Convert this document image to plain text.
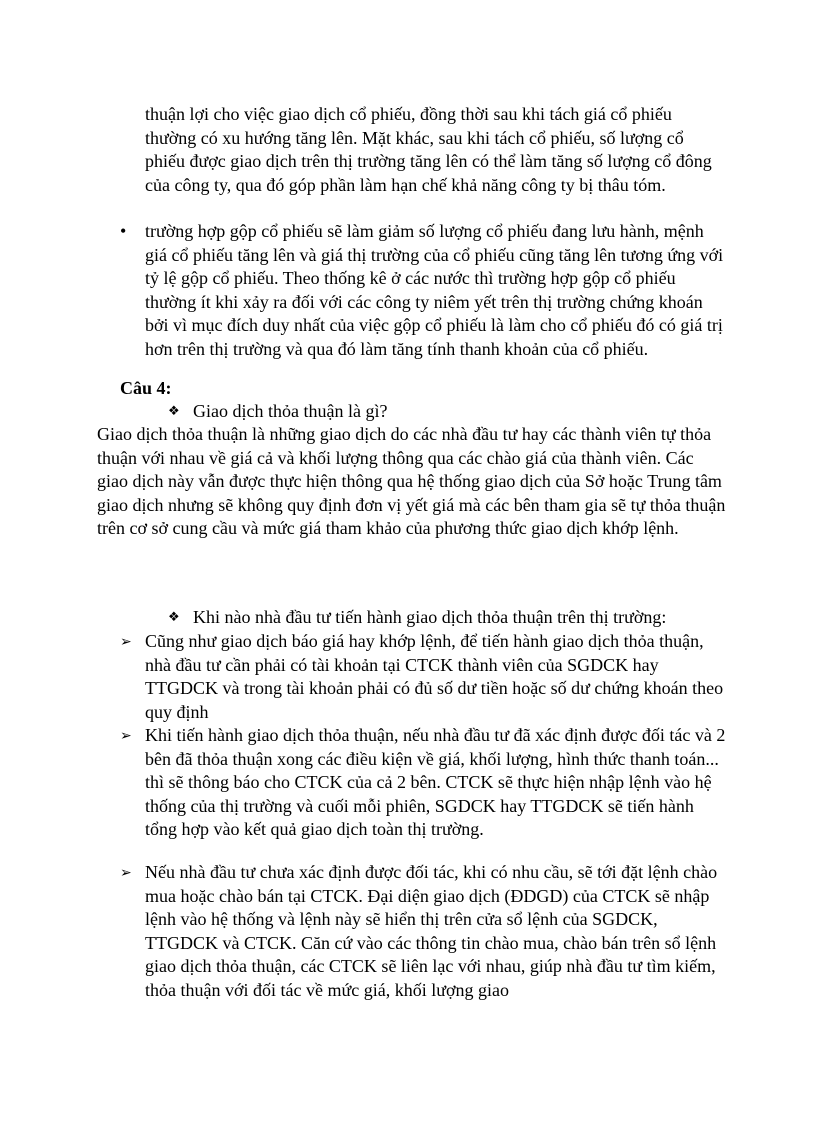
thuận lợi cho việc giao dịch cổ phiếu, đồng thời sau khi tách giá cổ phiếu thường có xu hướng tăng lên. Mặt khác, sau khi tách cổ phiếu, số lượng cổ phiếu được giao dịch trên thị trường tăng lên có thể làm tăng số lượng cổ đông của công ty, qua đó góp phần làm hạn chế khả năng công ty bị thâu tóm.

•	trường hợp gộp cổ phiếu sẽ làm giảm số lượng cổ phiếu đang lưu hành, mệnh giá cổ phiếu tăng lên và giá thị trường của cổ phiếu cũng tăng lên tương ứng với tỷ lệ gộp cổ phiếu. Theo thống kê ở các nước thì trường hợp gộp cổ phiếu thường ít khi xảy ra đối với các công ty niêm yết trên thị trường chứng khoán bởi vì mục đích duy nhất của việc gộp cổ phiếu là làm cho cổ phiếu đó có giá trị hơn trên thị trường và qua đó làm tăng tính thanh khoản của cổ phiếu.

Câu 4:

❖ Giao dịch thỏa thuận là gì?

Giao dịch thỏa thuận là những giao dịch do các nhà đầu tư hay các thành viên tự thỏa thuận với nhau về giá cả và khối lượng thông qua các chào giá của thành viên. Các giao dịch này vẫn được thực hiện thông qua hệ thống giao dịch của Sở hoặc Trung tâm giao dịch nhưng sẽ không quy định đơn vị yết giá mà các bên tham gia sẽ tự thỏa thuận trên cơ sở cung cầu và mức giá tham khảo của phương thức giao dịch khớp lệnh.

❖ Khi nào nhà đầu tư tiến hành giao dịch thỏa thuận trên thị trường:

➢ Cũng như giao dịch báo giá hay khớp lệnh, để tiến hành giao dịch thỏa thuận, nhà đầu tư cần phải có tài khoản tại CTCK thành viên của SGDCK hay TTGDCK và trong tài khoản phải có đủ số dư tiền hoặc số dư chứng khoán theo quy định

➢ Khi tiến hành giao dịch thỏa thuận, nếu nhà đầu tư đã xác định được đối tác và 2 bên đã thỏa thuận xong các điều kiện về giá, khối lượng, hình thức thanh toán... thì sẽ thông báo cho CTCK của cả 2 bên. CTCK sẽ thực hiện nhập lệnh vào hệ thống của thị trường và cuối mỗi phiên, SGDCK hay TTGDCK sẽ tiến hành tổng hợp vào kết quả giao dịch toàn thị trường.

➢ Nếu nhà đầu tư chưa xác định được đối tác, khi có nhu cầu, sẽ tới đặt lệnh chào mua hoặc chào bán tại CTCK. Đại diện giao dịch (ĐDGD) của CTCK sẽ nhập lệnh vào hệ thống và lệnh này sẽ hiển thị trên cửa sổ lệnh của SGDCK, TTGDCK và CTCK. Căn cứ vào các thông tin chào mua, chào bán trên sổ lệnh giao dịch thỏa thuận, các CTCK sẽ liên lạc với nhau, giúp nhà đầu tư tìm kiếm, thỏa thuận với đối tác về mức giá, khối lượng giao
